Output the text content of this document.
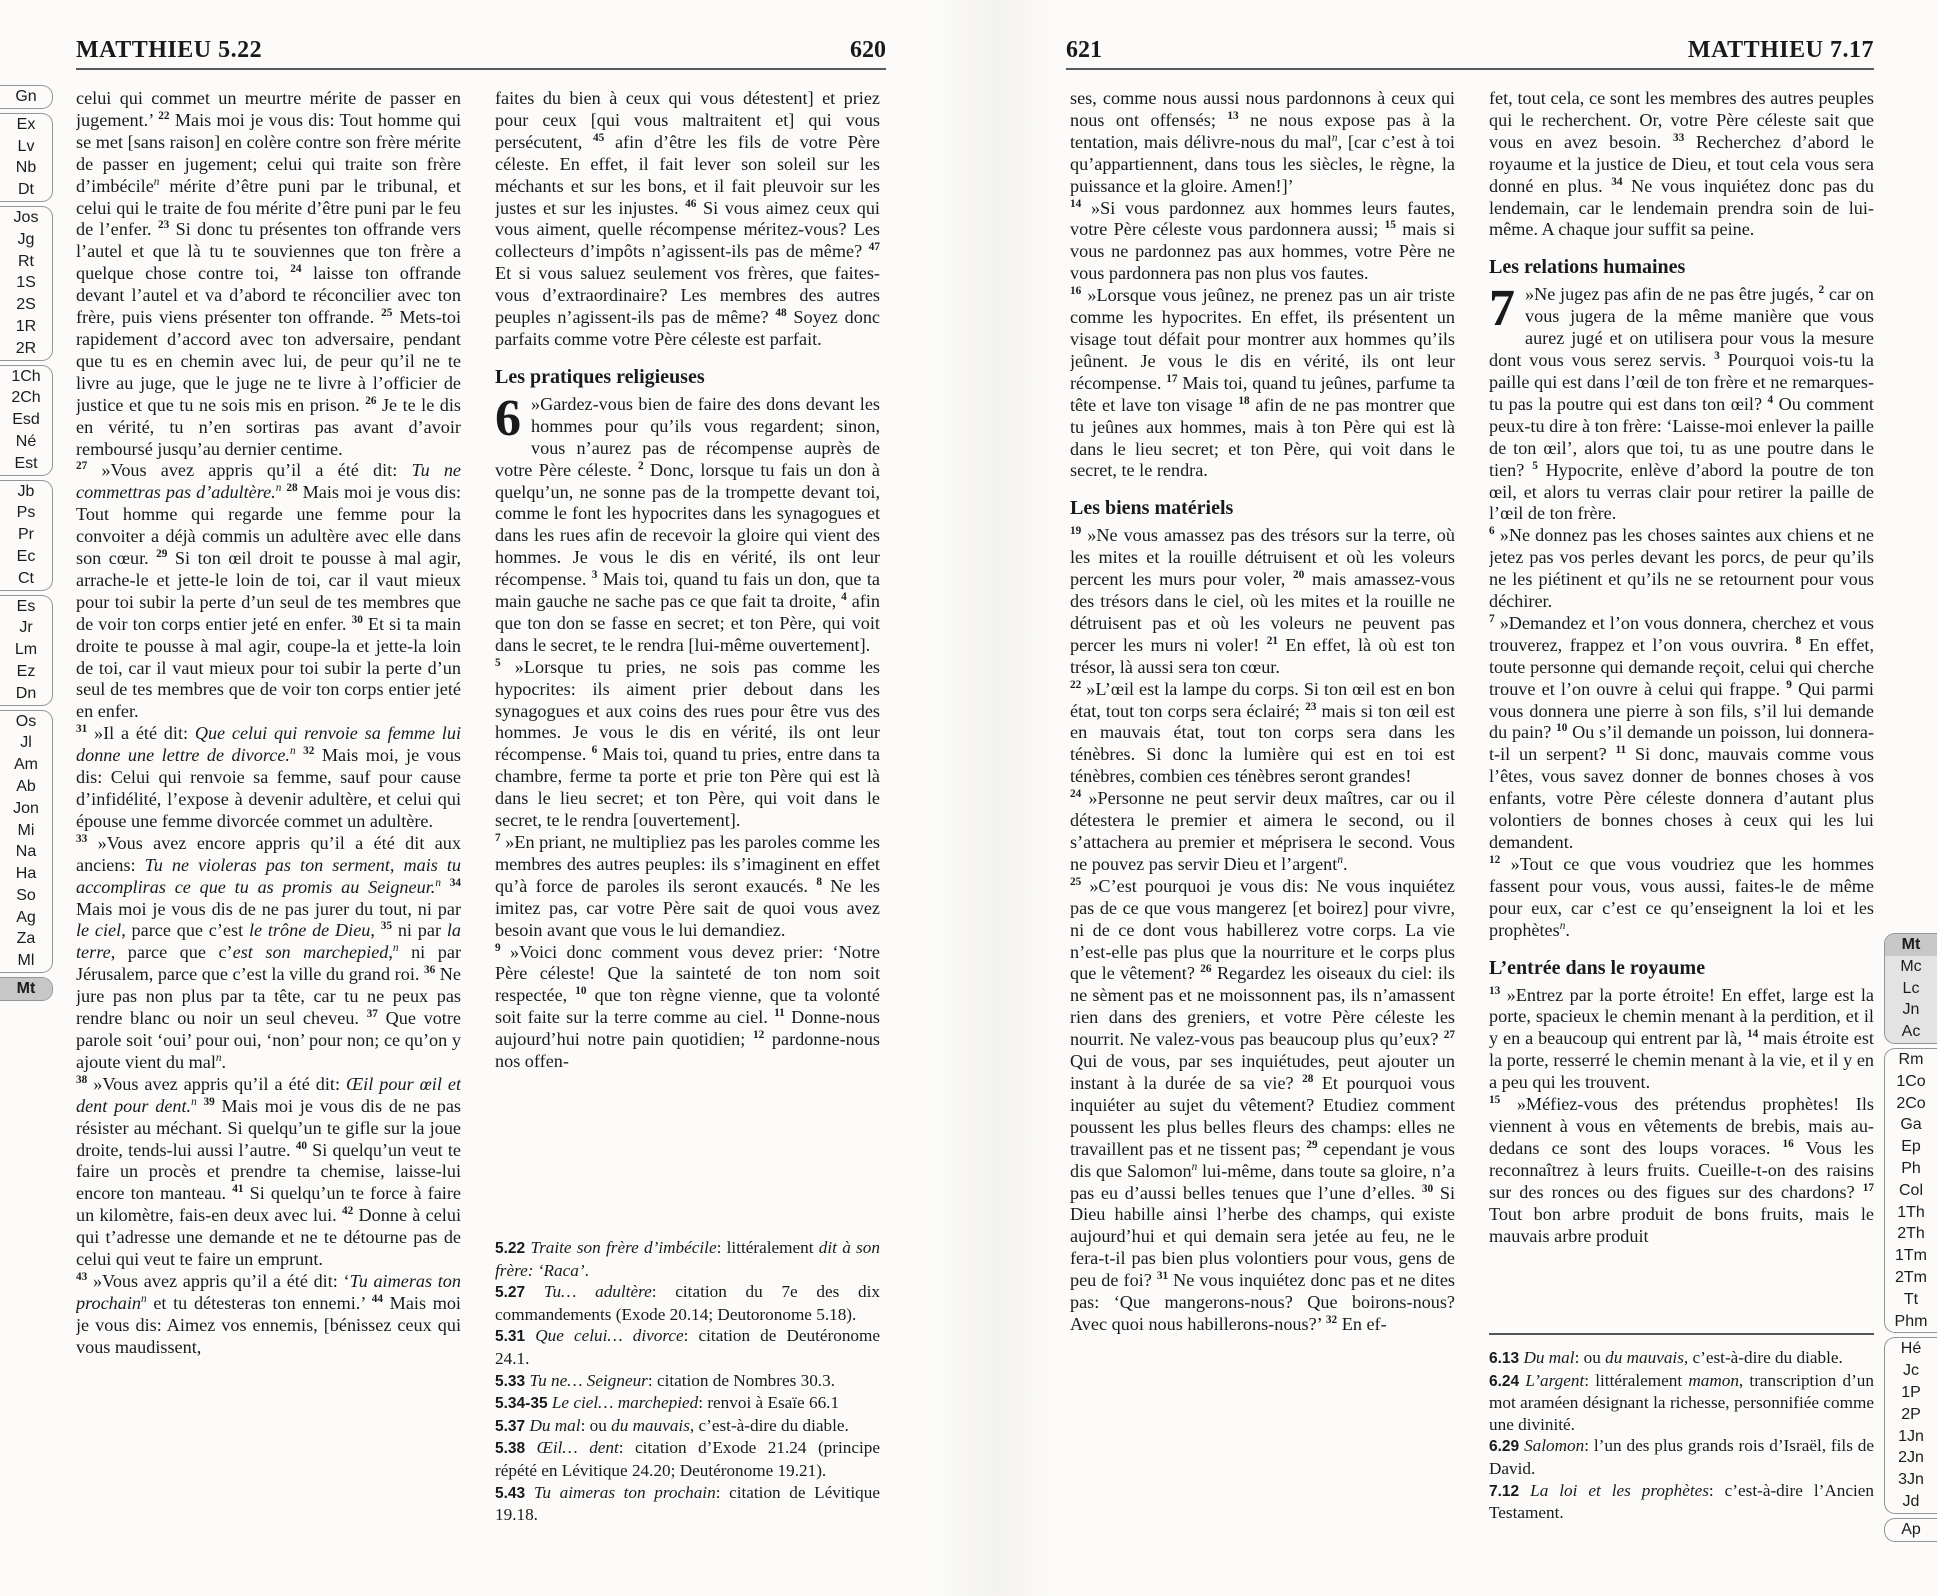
MATTHIEU 5.22	620	621	MATTHIEU 7.17
celui qui commet un meurtre mérite de passer en jugement.’ $^{22}$ Mais moi je vous dis: Tout homme qui se met [sans raison] en colère contre son frère mérite de passer en jugement; celui qui traite son frère d’imbécile$^n$ mérite d’être puni par le tribunal, et celui qui le traite de fou mérite d’être puni par le feu de l’enfer. $^{23}$ Si donc tu présentes ton offrande vers l’autel et que là tu te souviennes que ton frère a quelque chose contre toi, $^{24}$ laisse ton offrande devant l’autel et va d’abord te réconcilier avec ton frère, puis viens présenter ton offrande. $^{25}$ Mets-toi rapidement d’accord avec ton adversaire, pendant que tu es en chemin avec lui, de peur qu’il ne te livre au juge, que le juge ne te livre à l’officier de justice et que tu ne sois mis en prison. $^{26}$ Je te le dis en vérité, tu n’en sortiras pas avant d’avoir remboursé jusqu’au dernier centime.
$^{27}$ »Vous avez appris qu’il a été dit: Tu ne commettras pas d’adultère.$^n$ $^{28}$ Mais moi je vous dis: Tout homme qui regarde une femme pour la convoiter a déjà commis un adultère avec elle dans son cœur. $^{29}$ Si ton œil droit te pousse à mal agir, arrache-le et jette-le loin de toi, car il vaut mieux pour toi subir la perte d’un seul de tes membres que de voir ton corps entier jeté en enfer. $^{30}$ Et si ta main droite te pousse à mal agir, coupe-la et jette-la loin de toi, car il vaut mieux pour toi subir la perte d’un seul de tes membres que de voir ton corps entier jeté en enfer.
$^{31}$ »Il a été dit: Que celui qui renvoie sa femme lui donne une lettre de divorce.$^n$ $^{32}$ Mais moi, je vous dis: Celui qui renvoie sa femme, sauf pour cause d’infidélité, l’expose à devenir adultère, et celui qui épouse une femme divorcée commet un adultère.
$^{33}$ »Vous avez encore appris qu’il a été dit aux anciens: Tu ne violeras pas ton serment, mais tu accompliras ce que tu as promis au Seigneur.$^n$ $^{34}$ Mais moi je vous dis de ne pas jurer du tout, ni par le ciel, parce que c’est le trône de Dieu, $^{35}$ ni par la terre, parce que c’est son marchepied,$^n$ ni par Jérusalem, parce que c’est la ville du grand roi. $^{36}$ Ne jure pas non plus par ta tête, car tu ne peux pas rendre blanc ou noir un seul cheveu. $^{37}$ Que votre parole soit ‘oui’ pour oui, ‘non’ pour non; ce qu’on y ajoute vient du mal$^n$.
$^{38}$ »Vous avez appris qu’il a été dit: Œil pour œil et dent pour dent.$^n$ $^{39}$ Mais moi je vous dis de ne pas résister au méchant. Si quelqu’un te gifle sur la joue droite, tends-lui aussi l’autre. $^{40}$ Si quelqu’un veut te faire un procès et prendre ta chemise, laisse-lui encore ton manteau. $^{41}$ Si quelqu’un te force à faire un kilomètre, fais-en deux avec lui. $^{42}$ Donne à celui qui t’adresse une demande et ne te détourne pas de celui qui veut te faire un emprunt.
$^{43}$ »Vous avez appris qu’il a été dit: ‘Tu aimeras ton prochain$^n$ et tu détesteras ton ennemi.’ $^{44}$ Mais moi je vous dis: Aimez vos ennemis, [bénissez ceux qui vous maudissent,
faites du bien à ceux qui vous détestent] et priez pour ceux [qui vous maltraitent et] qui vous persécutent, $^{45}$ afin d’être les fils de votre Père céleste. En effet, il fait lever son soleil sur les méchants et sur les bons, et il fait pleuvoir sur les justes et sur les injustes. $^{46}$ Si vous aimez ceux qui vous aiment, quelle récompense méritez-vous? Les collecteurs d’impôts n’agissent-ils pas de même? $^{47}$ Et si vous saluez seulement vos frères, que faites-vous d’extraordinaire? Les membres des autres peuples n’agissent-ils pas de même? $^{48}$ Soyez donc parfaits comme votre Père céleste est parfait.
Les pratiques religieuses
6 »Gardez-vous bien de faire des dons devant les hommes pour qu’ils vous regardent; sinon, vous n’aurez pas de récompense auprès de votre Père céleste. $^2$ Donc, lorsque tu fais un don à quelqu’un, ne sonne pas de la trompette devant toi, comme le font les hypocrites dans les synagogues et dans les rues afin de recevoir la gloire qui vient des hommes. Je vous le dis en vérité, ils ont leur récompense. $^3$ Mais toi, quand tu fais un don, que ta main gauche ne sache pas ce que fait ta droite, $^4$ afin que ton don se fasse en secret; et ton Père, qui voit dans le secret, te le rendra [lui-même ouvertement].
$^5$ »Lorsque tu pries, ne sois pas comme les hypocrites: ils aiment prier debout dans les synagogues et aux coins des rues pour être vus des hommes. Je vous le dis en vérité, ils ont leur récompense. $^6$ Mais toi, quand tu pries, entre dans ta chambre, ferme ta porte et prie ton Père qui est là dans le lieu secret; et ton Père, qui voit dans le secret, te le rendra [ouvertement].
$^7$ »En priant, ne multipliez pas les paroles comme les membres des autres peuples: ils s’imaginent en effet qu’à force de paroles ils seront exaucés. $^8$ Ne les imitez pas, car votre Père sait de quoi vous avez besoin avant que vous le lui demandiez.
$^9$ »Voici donc comment vous devez prier: ‘Notre Père céleste! Que la sainteté de ton nom soit respectée, $^{10}$ que ton règne vienne, que ta volonté soit faite sur la terre comme au ciel. $^{11}$ Donne-nous aujourd’hui notre pain quotidien; $^{12}$ pardonne-nous nos offen-
5.22 Traite son frère d’imbécile: littéralement dit à son frère: ‘Raca’.
5.27 Tu… adultère: citation du 7e des dix commandements (Exode 20.14; Deutoronome 5.18).
5.31 Que celui… divorce: citation de Deutéronome 24.1.
5.33 Tu ne… Seigneur: citation de Nombres 30.3.
5.34-35 Le ciel… marchepied: renvoi à Esaïe 66.1
5.37 Du mal: ou du mauvais, c’est-à-dire du diable.
5.38 Œil… dent: citation d’Exode 21.24 (principe répété en Lévitique 24.20; Deutéronome 19.21).
5.43 Tu aimeras ton prochain: citation de Lévitique 19.18.
ses, comme nous aussi nous pardonnons à ceux qui nous ont offensés; $^{13}$ ne nous expose pas à la tentation, mais délivre-nous du mal$^n$, [car c’est à toi qu’appartiennent, dans tous les siècles, le règne, la puissance et la gloire. Amen!]’
$^{14}$ »Si vous pardonnez aux hommes leurs fautes, votre Père céleste vous pardonnera aussi; $^{15}$ mais si vous ne pardonnez pas aux hommes, votre Père ne vous pardonnera pas non plus vos fautes.
$^{16}$ »Lorsque vous jeûnez, ne prenez pas un air triste comme les hypocrites. En effet, ils présentent un visage tout défait pour montrer aux hommes qu’ils jeûnent. Je vous le dis en vérité, ils ont leur récompense. $^{17}$ Mais toi, quand tu jeûnes, parfume ta tête et lave ton visage $^{18}$ afin de ne pas montrer que tu jeûnes aux hommes, mais à ton Père qui est là dans le lieu secret; et ton Père, qui voit dans le secret, te le rendra.
Les biens matériels
$^{19}$ »Ne vous amassez pas des trésors sur la terre, où les mites et la rouille détruisent et où les voleurs percent les murs pour voler, $^{20}$ mais amassez-vous des trésors dans le ciel, où les mites et la rouille ne détruisent pas et où les voleurs ne peuvent pas percer les murs ni voler! $^{21}$ En effet, là où est ton trésor, là aussi sera ton cœur.
$^{22}$ »L’œil est la lampe du corps. Si ton œil est en bon état, tout ton corps sera éclairé; $^{23}$ mais si ton œil est en mauvais état, tout ton corps sera dans les ténèbres. Si donc la lumière qui est en toi est ténèbres, combien ces ténèbres seront grandes!
$^{24}$ »Personne ne peut servir deux maîtres, car ou il détestera le premier et aimera le second, ou il s’attachera au premier et méprisera le second. Vous ne pouvez pas servir Dieu et l’argent$^n$.
$^{25}$ »C’est pourquoi je vous dis: Ne vous inquiétez pas de ce que vous mangerez [et boirez] pour vivre, ni de ce dont vous habillerez votre corps. La vie n’est-elle pas plus que la nourriture et le corps plus que le vêtement? $^{26}$ Regardez les oiseaux du ciel: ils ne sèment pas et ne moissonnent pas, ils n’amassent rien dans des greniers, et votre Père céleste les nourrit. Ne valez-vous pas beaucoup plus qu’eux? $^{27}$ Qui de vous, par ses inquiétudes, peut ajouter un instant à la durée de sa vie? $^{28}$ Et pourquoi vous inquiéter au sujet du vêtement? Etudiez comment poussent les plus belles fleurs des champs: elles ne travaillent pas et ne tissent pas; $^{29}$ cependant je vous dis que Salomon$^n$ lui-même, dans toute sa gloire, n’a pas eu d’aussi belles tenues que l’une d’elles. $^{30}$ Si Dieu habille ainsi l’herbe des champs, qui existe aujourd’hui et qui demain sera jetée au feu, ne le fera-t-il pas bien plus volontiers pour vous, gens de peu de foi? $^{31}$ Ne vous inquiétez donc pas et ne dites pas: ‘Que mangerons-nous? Que boirons-nous? Avec quoi nous habillerons-nous?’ $^{32}$ En ef-
fet, tout cela, ce sont les membres des autres peuples qui le recherchent. Or, votre Père céleste sait que vous en avez besoin. $^{33}$ Recherchez d’abord le royaume et la justice de Dieu, et tout cela vous sera donné en plus. $^{34}$ Ne vous inquiétez donc pas du lendemain, car le lendemain prendra soin de lui-même. A chaque jour suffit sa peine.
Les relations humaines
7 »Ne jugez pas afin de ne pas être jugés, $^2$ car on vous jugera de la même manière que vous aurez jugé et on utilisera pour vous la mesure dont vous vous serez servis. $^3$ Pourquoi vois-tu la paille qui est dans l’œil de ton frère et ne remarques-tu pas la poutre qui est dans ton œil? $^4$ Ou comment peux-tu dire à ton frère: ‘Laisse-moi enlever la paille de ton œil’, alors que toi, tu as une poutre dans le tien? $^5$ Hypocrite, enlève d’abord la poutre de ton œil, et alors tu verras clair pour retirer la paille de l’œil de ton frère.
$^6$ »Ne donnez pas les choses saintes aux chiens et ne jetez pas vos perles devant les porcs, de peur qu’ils ne les piétinent et qu’ils ne se retournent pour vous déchirer.
$^7$ »Demandez et l’on vous donnera, cherchez et vous trouverez, frappez et l’on vous ouvrira. $^8$ En effet, toute personne qui demande reçoit, celui qui cherche trouve et l’on ouvre à celui qui frappe. $^9$ Qui parmi vous donnera une pierre à son fils, s’il lui demande du pain? $^{10}$ Ou s’il demande un poisson, lui donnera-t-il un serpent? $^{11}$ Si donc, mauvais comme vous l’êtes, vous savez donner de bonnes choses à vos enfants, votre Père céleste donnera d’autant plus volontiers de bonnes choses à ceux qui les lui demandent.
$^{12}$ »Tout ce que vous voudriez que les hommes fassent pour vous, vous aussi, faites-le de même pour eux, car c’est ce qu’enseignent la loi et les prophètes$^n$.
L’entrée dans le royaume
$^{13}$ »Entrez par la porte étroite! En effet, large est la porte, spacieux le chemin menant à la perdition, et il y en a beaucoup qui entrent par là, $^{14}$ mais étroite est la porte, resserré le chemin menant à la vie, et il y en a peu qui les trouvent.
$^{15}$ »Méfiez-vous des prétendus prophètes! Ils viennent à vous en vêtements de brebis, mais au-dedans ce sont des loups voraces. $^{16}$ Vous les reconnaîtrez à leurs fruits. Cueille-t-on des raisins sur des ronces ou des figues sur des chardons? $^{17}$ Tout bon arbre produit de bons fruits, mais le mauvais arbre produit
6.13 Du mal: ou du mauvais, c’est-à-dire du diable.
6.24 L’argent: littéralement mamon, transcription d’un mot araméen désignant la richesse, personnifiée comme une divinité.
6.29 Salomon: l’un des plus grands rois d’Israël, fils de David.
7.12 La loi et les prophètes: c’est-à-dire l’Ancien Testament.
Gn
Ex
Lv
Nb
Dt
Jos
Jg
Rt
1S
2S
1R
2R
1Ch
2Ch
Esd
Né
Est
Jb
Ps
Pr
Ec
Ct
Es
Jr
Lm
Ez
Dn
Os
Jl
Am
Ab
Jon
Mi
Na
Ha
So
Ag
Za
Ml
Mt
Mt
Mc
Lc
Jn
Ac
Rm
1Co
2Co
Ga
Ep
Ph
Col
1Th
2Th
1Tm
2Tm
Tt
Phm
Hé
Jc
1P
2P
1Jn
2Jn
3Jn
Jd
Ap
